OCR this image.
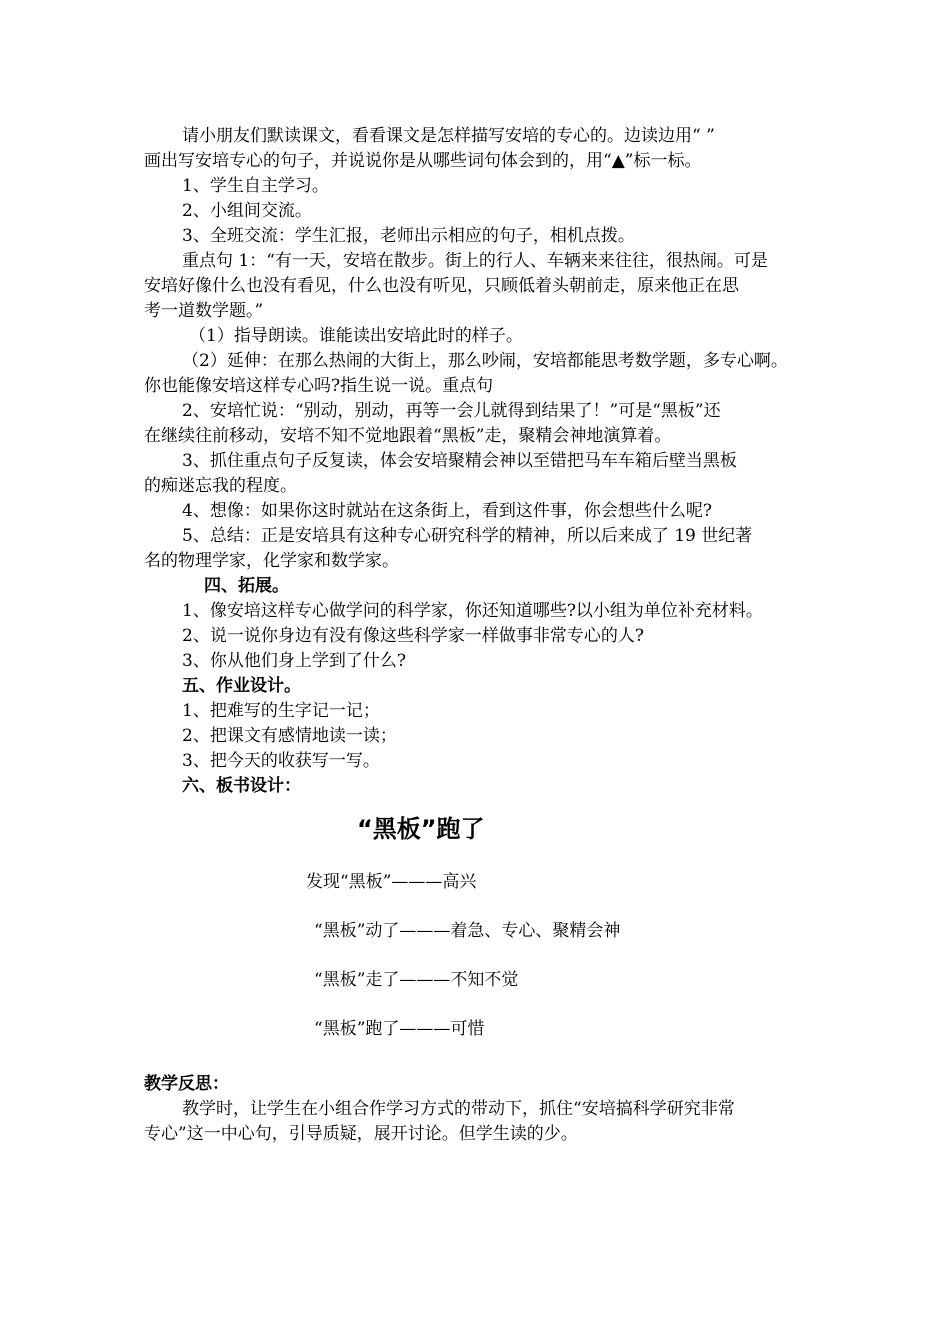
请小朋友们默读课文，看看课文是怎样描写安培的专心的。边读边用“ ”
画出写安培专心的句子，并说说你是从哪些词句体会到的，用“▲”标一标。
1、学生自主学习。
2、小组间交流。
3、全班交流：学生汇报，老师出示相应的句子，相机点拨。
重点句 1：“有一天，安培在散步。街上的行人、车辆来来往往，很热闹。可是
安培好像什么也没有看见，什么也没有听见，只顾低着头朝前走，原来他正在思
考一道数学题。”
（1）指导朗读。谁能读出安培此时的样子。
（2）延伸：在那么热闹的大街上，那么吵闹，安培都能思考数学题，多专心啊。
你也能像安培这样专心吗?指生说一说。重点句
2、安培忙说：“别动，别动，再等一会儿就得到结果了！”可是“黑板”还
在继续往前移动，安培不知不觉地跟着“黑板”走，聚精会神地演算着。
3、抓住重点句子反复读，体会安培聚精会神以至错把马车车箱后壁当黑板
的痴迷忘我的程度。
4、想像：如果你这时就站在这条街上，看到这件事，你会想些什么呢?
5、总结：正是安培具有这种专心研究科学的精神，所以后来成了 19 世纪著
名的物理学家，化学家和数学家。
四、拓展。
1、像安培这样专心做学问的科学家，你还知道哪些?以小组为单位补充材料。
2、说一说你身边有没有像这些科学家一样做事非常专心的人?
3、你从他们身上学到了什么?
五、作业设计。
1、把难写的生字记一记；
2、把课文有感情地读一读；
3、把今天的收获写一写。
六、板书设计：
“黑板”跑了
发现“黑板”———高兴
“黑板”动了———着急、专心、聚精会神
“黑板”走了———不知不觉
“黑板”跑了———可惜
教学反思：
教学时，让学生在小组合作学习方式的带动下，抓住“安培搞科学研究非常
专心”这一中心句，引导质疑，展开讨论。但学生读的少。
